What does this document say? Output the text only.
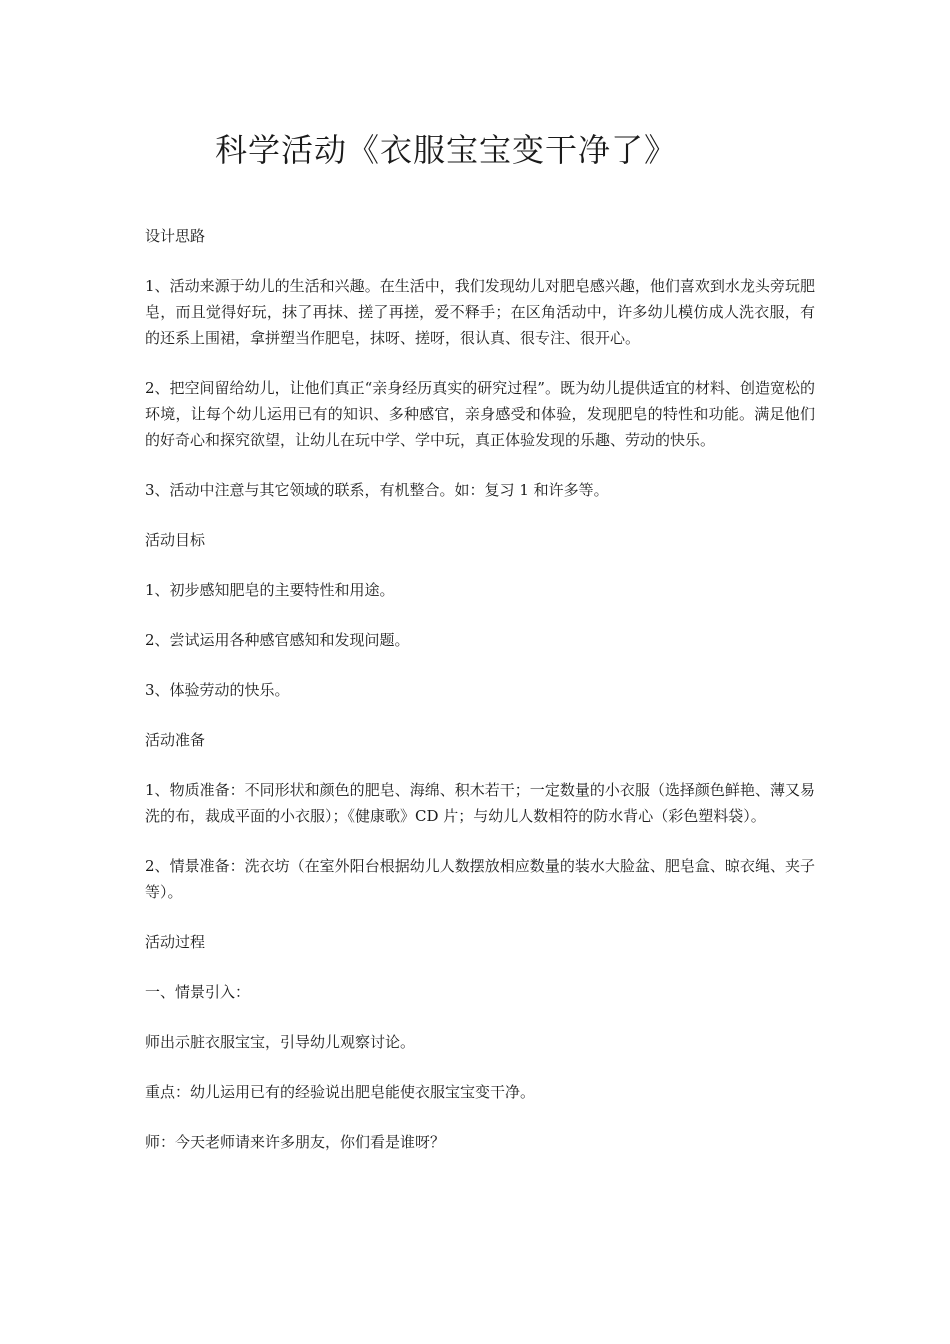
科学活动《衣服宝宝变干净了》

设计思路

1、活动来源于幼儿的生活和兴趣。在生活中，我们发现幼儿对肥皂感兴趣，他们喜欢到水龙头旁玩肥皂，而且觉得好玩，抹了再抹、搓了再搓，爱不释手；在区角活动中，许多幼儿模仿成人洗衣服，有的还系上围裙，拿拼塑当作肥皂，抹呀、搓呀，很认真、很专注、很开心。

2、把空间留给幼儿，让他们真正“亲身经历真实的研究过程”。既为幼儿提供适宜的材料、创造宽松的环境，让每个幼儿运用已有的知识、多种感官，亲身感受和体验，发现肥皂的特性和功能。满足他们的好奇心和探究欲望，让幼儿在玩中学、学中玩，真正体验发现的乐趣、劳动的快乐。

3、活动中注意与其它领域的联系，有机整合。如：复习 1 和许多等。

活动目标

1、初步感知肥皂的主要特性和用途。

2、尝试运用各种感官感知和发现问题。

3、体验劳动的快乐。

活动准备

1、物质准备：不同形状和颜色的肥皂、海绵、积木若干；一定数量的小衣服（选择颜色鲜艳、薄又易洗的布，裁成平面的小衣服）；《健康歌》CD 片；与幼儿人数相符的防水背心（彩色塑料袋）。

2、情景准备：洗衣坊（在室外阳台根据幼儿人数摆放相应数量的装水大脸盆、肥皂盒、晾衣绳、夹子等）。

活动过程

一、情景引入：

师出示脏衣服宝宝，引导幼儿观察讨论。

重点：幼儿运用已有的经验说出肥皂能使衣服宝宝变干净。

师：今天老师请来许多朋友，你们看是谁呀？
